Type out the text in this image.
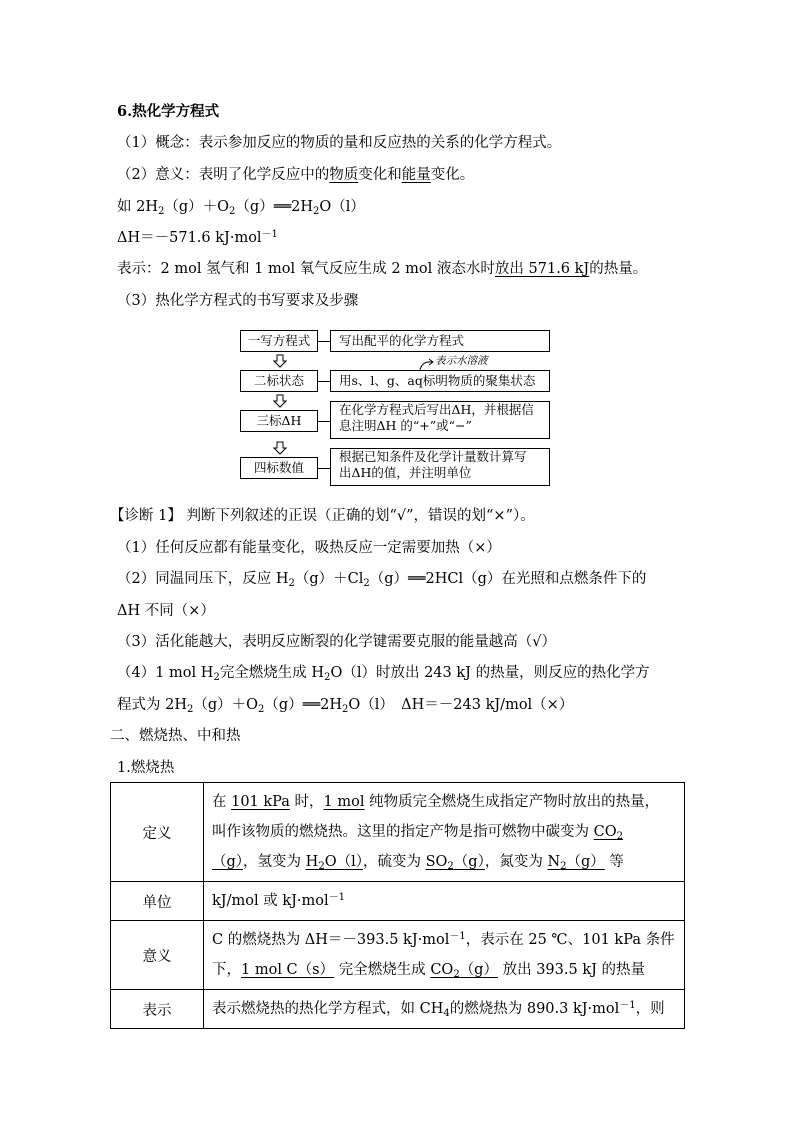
6.热化学方程式
（1）概念：表示参加反应的物质的量和反应热的关系的化学方程式。
（2）意义：表明了化学反应中的物质变化和能量变化。
如 $2H_2(g)+O_2(g)══2H_2O(l)$
ΔH＝－571.6 kJ·mol$^{-1}$
表示：2 mol 氢气和 1 mol 氧气反应生成 2 mol 液态水时放出 571.6 kJ的热量。
（3）热化学方程式的书写要求及步骤
一写方程式	写出配平的化学方程式
二标状态	用s、l、g、aq标明物质的聚集状态
表示水溶液
三标ΔH
在化学方程式后写出ΔH，并根据信
息注明ΔH 的“+”或“−”
四标数值
根据已知条件及化学计量数计算写
出ΔH的值，并注明单位
【诊断 1】 判断下列叙述的正误（正确的划“√”，错误的划“×”）。
（1）任何反应都有能量变化，吸热反应一定需要加热（×）
（2）同温同压下，反应 $H_2(g)+Cl_2(g)══2HCl(g)$在光照和点燃条件下的
ΔH 不同（×）
（3）活化能越大，表明反应断裂的化学键需要克服的能量越高（√）
（4）1 mol $H_2$完全燃烧生成 $H_2O(l)$时放出 243 kJ 的热量，则反应的热化学方
程式为 $2H_2(g)+O_2(g)══2H_2O(l)$　ΔH＝－243 kJ/mol（×）
二、燃烧热、中和热
1.燃烧热
定义	在 101 kPa 时，1 mol 纯物质完全燃烧生成指定产物时放出的热量，
叫作该物质的燃烧热。这里的指定产物是指可燃物中碳变为 $CO_2$
（g），氢变为 $H_2O(l)$，硫变为 $SO_2(g)$，氮变为 $N_2(g)$ 等
单位	kJ/mol 或 kJ·mol$^{-1}$
意义	C 的燃烧热为 ΔH＝－393.5 kJ·mol$^{-1}$，表示在 25 ℃、101 kPa 条件
下，1 mol C（s） 完全燃烧生成 $CO_2(g)$ 放出 393.5 kJ 的热量
表示	表示燃烧热的热化学方程式，如 $CH_4$的燃烧热为 890.3 kJ·mol$^{-1}$，则
